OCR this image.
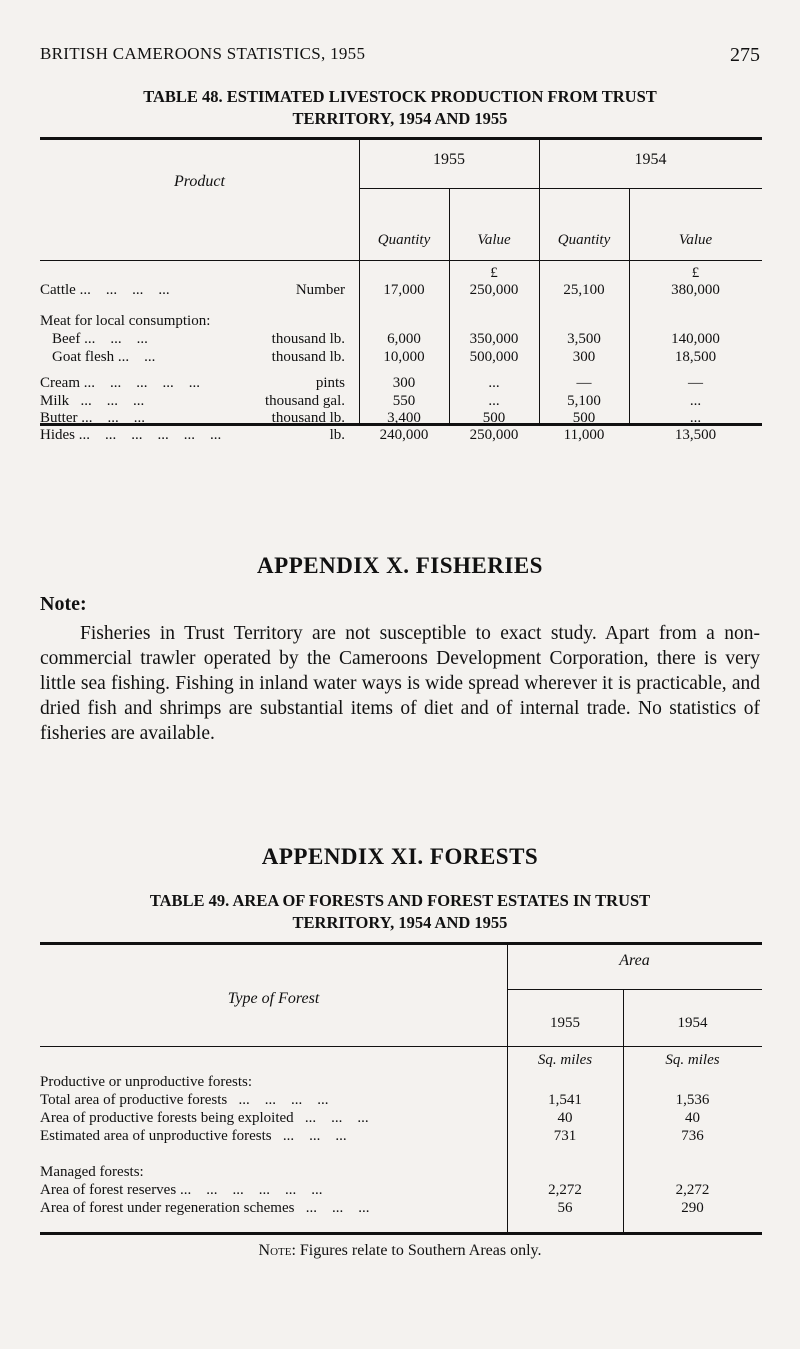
BRITISH CAMEROONS STATISTICS, 1955	275
TABLE 48. ESTIMATED LIVESTOCK PRODUCTION FROM TRUST
TERRITORY, 1954 AND 1955
Product
1955	1954
Quantity	Value	Quantity	Value
£	£
Cattle ...    ...    ...    ...	Number	17,000	250,000	25,100	380,000
Meat for local consumption:
Beef ...    ...    ...	thousand lb.	6,000	350,000	3,500	140,000
Goat flesh ...    ...	thousand lb.	10,000	500,000	300	18,500
Cream ...    ...    ...    ...    ...	pints	300	...	—	—
Milk   ...    ...    ...	thousand gal.	550	...	5,100	...
Butter ...    ...    ...	thousand lb.	3,400	500	500	...
Hides ...    ...    ...    ...    ...    ...	lb.	240,000	250,000	11,000	13,500
APPENDIX X. FISHERIES
Note:
Fisheries in Trust Territory are not susceptible to exact study. Apart from a non-commercial trawler operated by the Cameroons Development Corporation, there is very little sea fishing. Fishing in inland water ways is wide spread wherever it is practicable, and dried fish and shrimps are substantial items of diet and of internal trade. No statistics of fisheries are available.
APPENDIX XI. FORESTS
TABLE 49. AREA OF FORESTS AND FOREST ESTATES IN TRUST
TERRITORY, 1954 AND 1955
Type of Forest
Area
1955	1954
Sq. miles	Sq. miles
Productive or unproductive forests:
Total area of productive forests   ...    ...    ...    ...	1,541	1,536
Area of productive forests being exploited   ...    ...    ...	40	40
Estimated area of unproductive forests   ...    ...    ...	731	736
Managed forests:
Area of forest reserves ...    ...    ...    ...    ...    ...	2,272	2,272
Area of forest under regeneration schemes   ...    ...    ...	56	290
Note: Figures relate to Southern Areas only.
